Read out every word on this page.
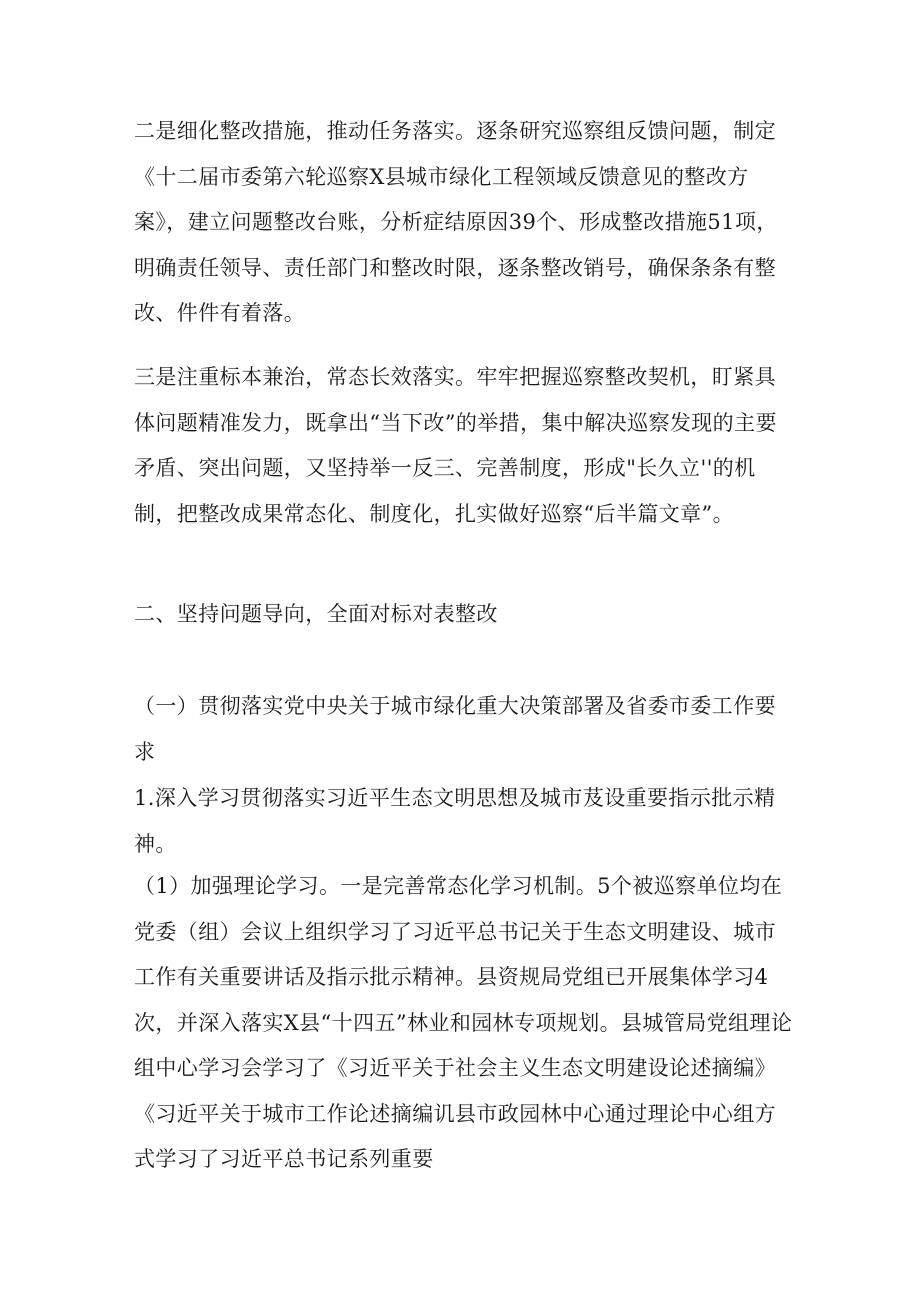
二是细化整改措施，推动任务落实。逐条研究巡察组反馈问题，制定《十二届市委第六轮巡察X县城市绿化工程领域反馈意见的整改方案》，建立问题整改台账，分析症结原因39个、形成整改措施51项，明确责任领导、责任部门和整改时限，逐条整改销号，确保条条有整改、件件有着落。

三是注重标本兼治，常态长效落实。牢牢把握巡察整改契机，盯紧具体问题精准发力，既拿出“当下改”的举措，集中解决巡察发现的主要矛盾、突出问题，又坚持举一反三、完善制度，形成"长久立''的机制，把整改成果常态化、制度化，扎实做好巡察“后半篇文章”。

二、坚持问题导向，全面对标对表整改

（一）贯彻落实党中央关于城市绿化重大决策部署及省委市委工作要求

1.深入学习贯彻落实习近平生态文明思想及城市芨设重要指示批示精神。

（1）加强理论学习。一是完善常态化学习机制。5个被巡察单位均在党委（组）会议上组织学习了习近平总书记关于生态文明建设、城市工作有关重要讲话及指示批示精神。县资规局党组已开展集体学习4次，并深入落实X县“十四五”林业和园林专项规划。县城管局党组理论组中心学习会学习了《习近平关于社会主义生态文明建设论述摘编》《习近平关于城市工作论述摘编讥县市政园林中心通过理论中心组方式学习了习近平总书记系列重要
